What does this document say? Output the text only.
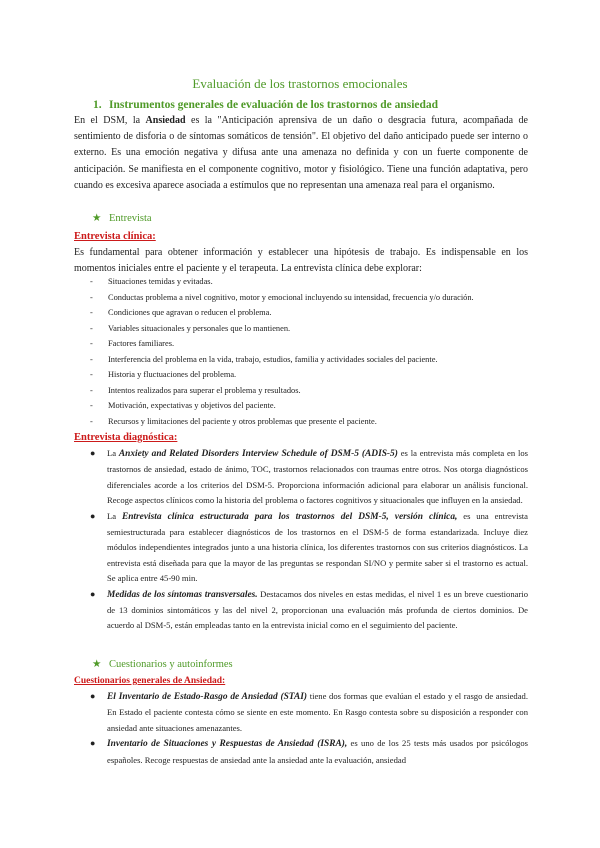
Evaluación de los trastornos emocionales
1. Instrumentos generales de evaluación de los trastornos de ansiedad
En el DSM, la Ansiedad es la "Anticipación aprensiva de un daño o desgracia futura, acompañada de sentimiento de disforia o de síntomas somáticos de tensión". El objetivo del daño anticipado puede ser interno o externo. Es una emoción negativa y difusa ante una amenaza no definida y con un fuerte componente de anticipación. Se manifiesta en el componente cognitivo, motor y fisiológico. Tiene una función adaptativa, pero cuando es excesiva aparece asociada a estímulos que no representan una amenaza real para el organismo.
★ Entrevista
Entrevista clínica:
Es fundamental para obtener información y establecer una hipótesis de trabajo. Es indispensable en los momentos iniciales entre el paciente y el terapeuta. La entrevista clínica debe explorar:
- Situaciones temidas y evitadas.
- Conductas problema a nivel cognitivo, motor y emocional incluyendo su intensidad, frecuencia y/o duración.
- Condiciones que agravan o reducen el problema.
- Variables situacionales y personales que lo mantienen.
- Factores familiares.
- Interferencia del problema en la vida, trabajo, estudios, familia y actividades sociales del paciente.
- Historia y fluctuaciones del problema.
- Intentos realizados para superar el problema y resultados.
- Motivación, expectativas y objetivos del paciente.
- Recursos y limitaciones del paciente y otros problemas que presente el paciente.
Entrevista diagnóstica:
● La Anxiety and Related Disorders Interview Schedule of DSM-5 (ADIS-5) es la entrevista más completa en los trastornos de ansiedad, estado de ánimo, TOC, trastornos relacionados con traumas entre otros. Nos otorga diagnósticos diferenciales acorde a los criterios del DSM-5. Proporciona información adicional para elaborar un análisis funcional. Recoge aspectos clínicos como la historia del problema o factores cognitivos y situacionales que influyen en la ansiedad.
● La Entrevista clínica estructurada para los trastornos del DSM-5, versión clínica, es una entrevista semiestructurada para establecer diagnósticos de los trastornos en el DSM-5 de forma estandarizada. Incluye diez módulos independientes integrados junto a una historia clínica, los diferentes trastornos con sus criterios diagnósticos. La entrevista está diseñada para que la mayor de las preguntas se respondan SI/NO y permite saber si el trastorno es actual. Se aplica entre 45-90 min.
● Medidas de los síntomas transversales. Destacamos dos niveles en estas medidas, el nivel 1 es un breve cuestionario de 13 dominios sintomáticos y las del nivel 2, proporcionan una evaluación más profunda de ciertos dominios. De acuerdo al DSM-5, están empleadas tanto en la entrevista inicial como en el seguimiento del paciente.
★ Cuestionarios y autoinformes
Cuestionarios generales de Ansiedad:
● El Inventario de Estado-Rasgo de Ansiedad (STAI) tiene dos formas que evalúan el estado y el rasgo de ansiedad. En Estado el paciente contesta cómo se siente en este momento. En Rasgo contesta sobre su disposición a responder con ansiedad ante situaciones amenazantes.
● Inventario de Situaciones y Respuestas de Ansiedad (ISRA), es uno de los 25 tests más usados por psicólogos españoles. Recoge respuestas de ansiedad ante la ansiedad ante la evaluación, ansiedad
